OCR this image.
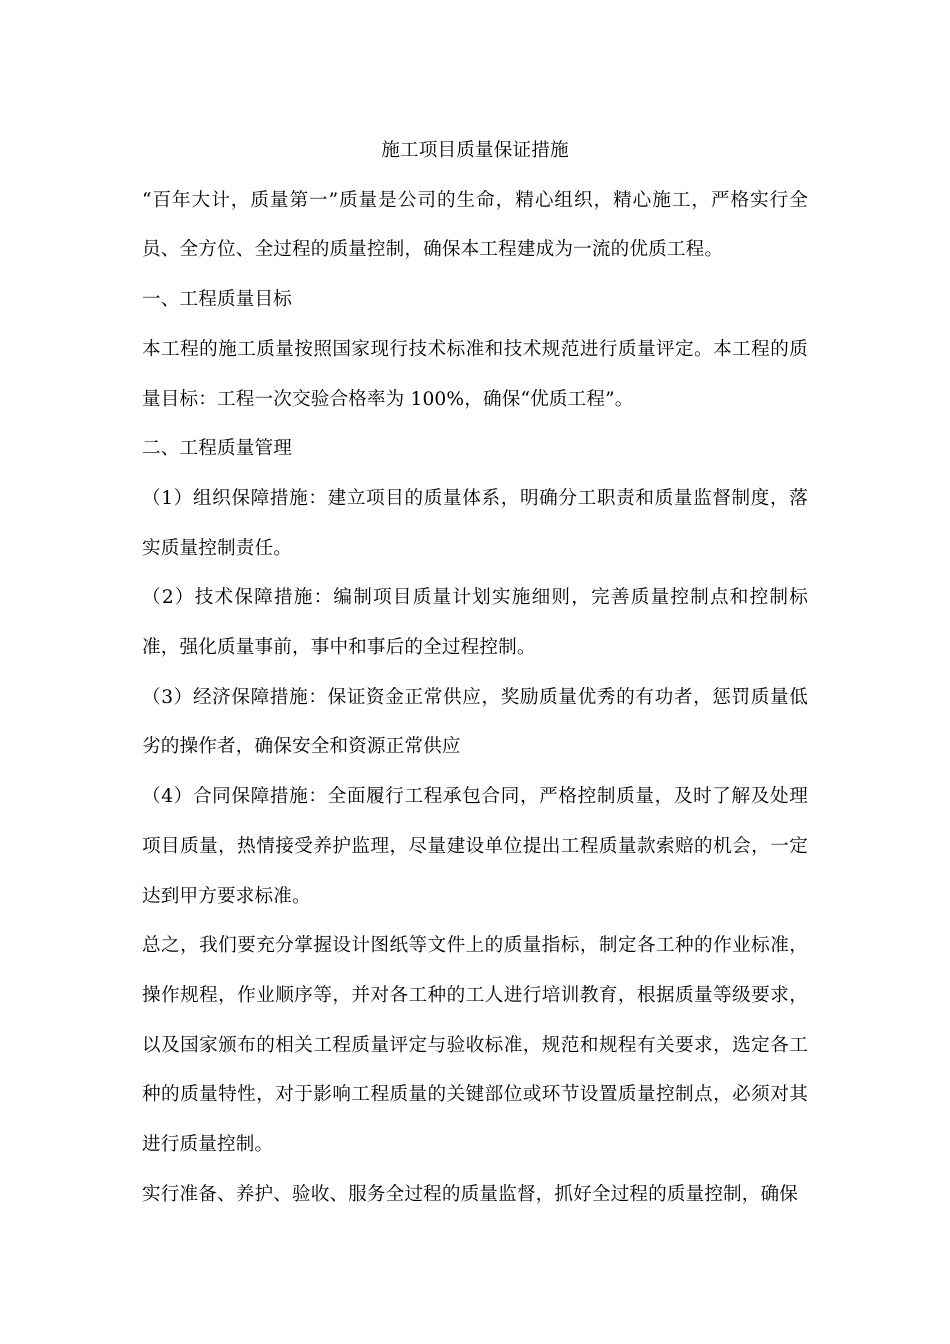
施工项目质量保证措施

“百年大计，质量第一”质量是公司的生命，精心组织，精心施工，严格实行全员、全方位、全过程的质量控制，确保本工程建成为一流的优质工程。

一、工程质量目标

本工程的施工质量按照国家现行技术标准和技术规范进行质量评定。本工程的质量目标：工程一次交验合格率为 100%，确保“优质工程”。

二、工程质量管理

（1）组织保障措施：建立项目的质量体系，明确分工职责和质量监督制度，落实质量控制责任。

（2）技术保障措施：编制项目质量计划实施细则，完善质量控制点和控制标准，强化质量事前，事中和事后的全过程控制。

（3）经济保障措施：保证资金正常供应，奖励质量优秀的有功者，惩罚质量低劣的操作者，确保安全和资源正常供应

（4）合同保障措施：全面履行工程承包合同，严格控制质量，及时了解及处理项目质量，热情接受养护监理，尽量建设单位提出工程质量款索赔的机会，一定达到甲方要求标准。

总之，我们要充分掌握设计图纸等文件上的质量指标，制定各工种的作业标准，操作规程，作业顺序等，并对各工种的工人进行培训教育，根据质量等级要求，以及国家颁布的相关工程质量评定与验收标准，规范和规程有关要求，选定各工种的质量特性，对于影响工程质量的关键部位或环节设置质量控制点，必须对其进行质量控制。

实行准备、养护、验收、服务全过程的质量监督，抓好全过程的质量控制，确保
